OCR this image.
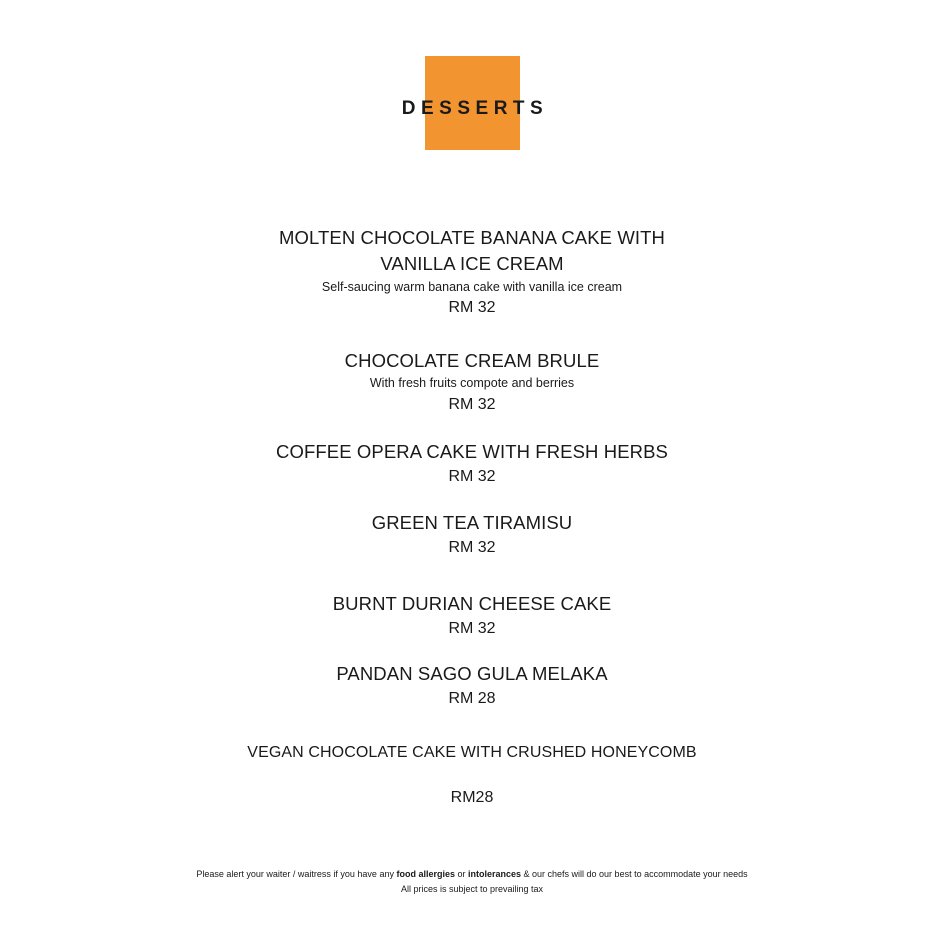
DESSERTS
MOLTEN CHOCOLATE BANANA CAKE WITH
VANILLA ICE CREAM
Self-saucing warm banana cake with vanilla ice cream
RM 32
CHOCOLATE CREAM BRULE
With fresh fruits compote and berries
RM 32
COFFEE OPERA CAKE WITH FRESH HERBS
RM 32
GREEN TEA TIRAMISU
RM 32
BURNT DURIAN CHEESE CAKE
RM 32
PANDAN SAGO GULA MELAKA
RM 28
VEGAN CHOCOLATE CAKE WITH CRUSHED HONEYCOMB
RM28
Please alert your waiter / waitress if you have any food allergies or intolerances & our chefs will do our best to accommodate your needs
All prices is subject to prevailing tax
